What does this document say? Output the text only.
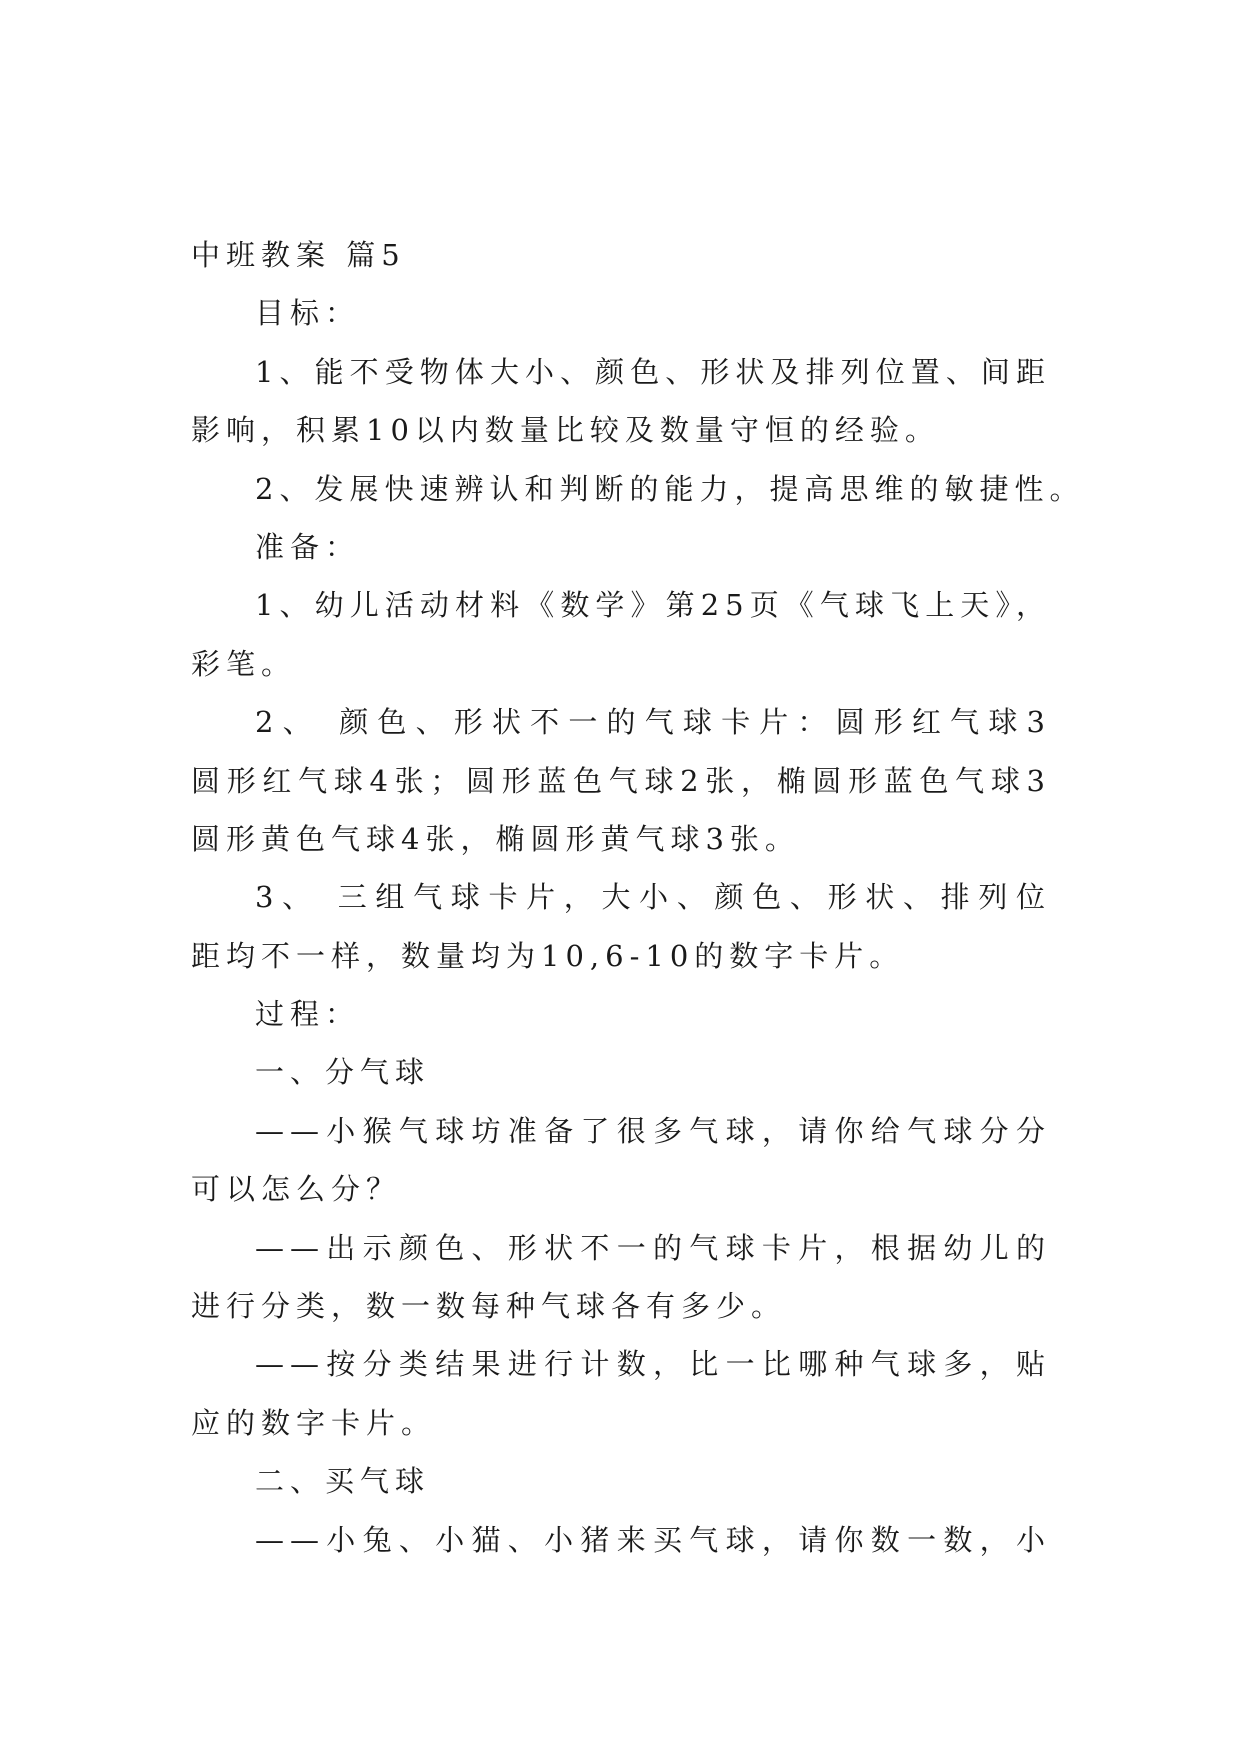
中班教案 篇5
目标：
1、能不受物体大小、颜色、形状及排列位置、间距
影响，积累10以内数量比较及数量守恒的经验。
2、发展快速辨认和判断的能力，提高思维的敏捷性。
准备：
1、幼儿活动材料《数学》第25页《气球飞上天》，
彩笔。
2、 颜色、形状不一的气球卡片：圆形红气球3
圆形红气球4张；圆形蓝色气球2张，椭圆形蓝色气球3
圆形黄色气球4张，椭圆形黄气球3张。
3、 三组气球卡片，大小、颜色、形状、排列位
距均不一样，数量均为10,6-10的数字卡片。
过程：
一、分气球
——小猴气球坊准备了很多气球，请你给气球分分
可以怎么分？
——出示颜色、形状不一的气球卡片，根据幼儿的
进行分类，数一数每种气球各有多少。
——按分类结果进行计数，比一比哪种气球多，贴
应的数字卡片。
二、买气球
——小兔、小猫、小猪来买气球，请你数一数，小
